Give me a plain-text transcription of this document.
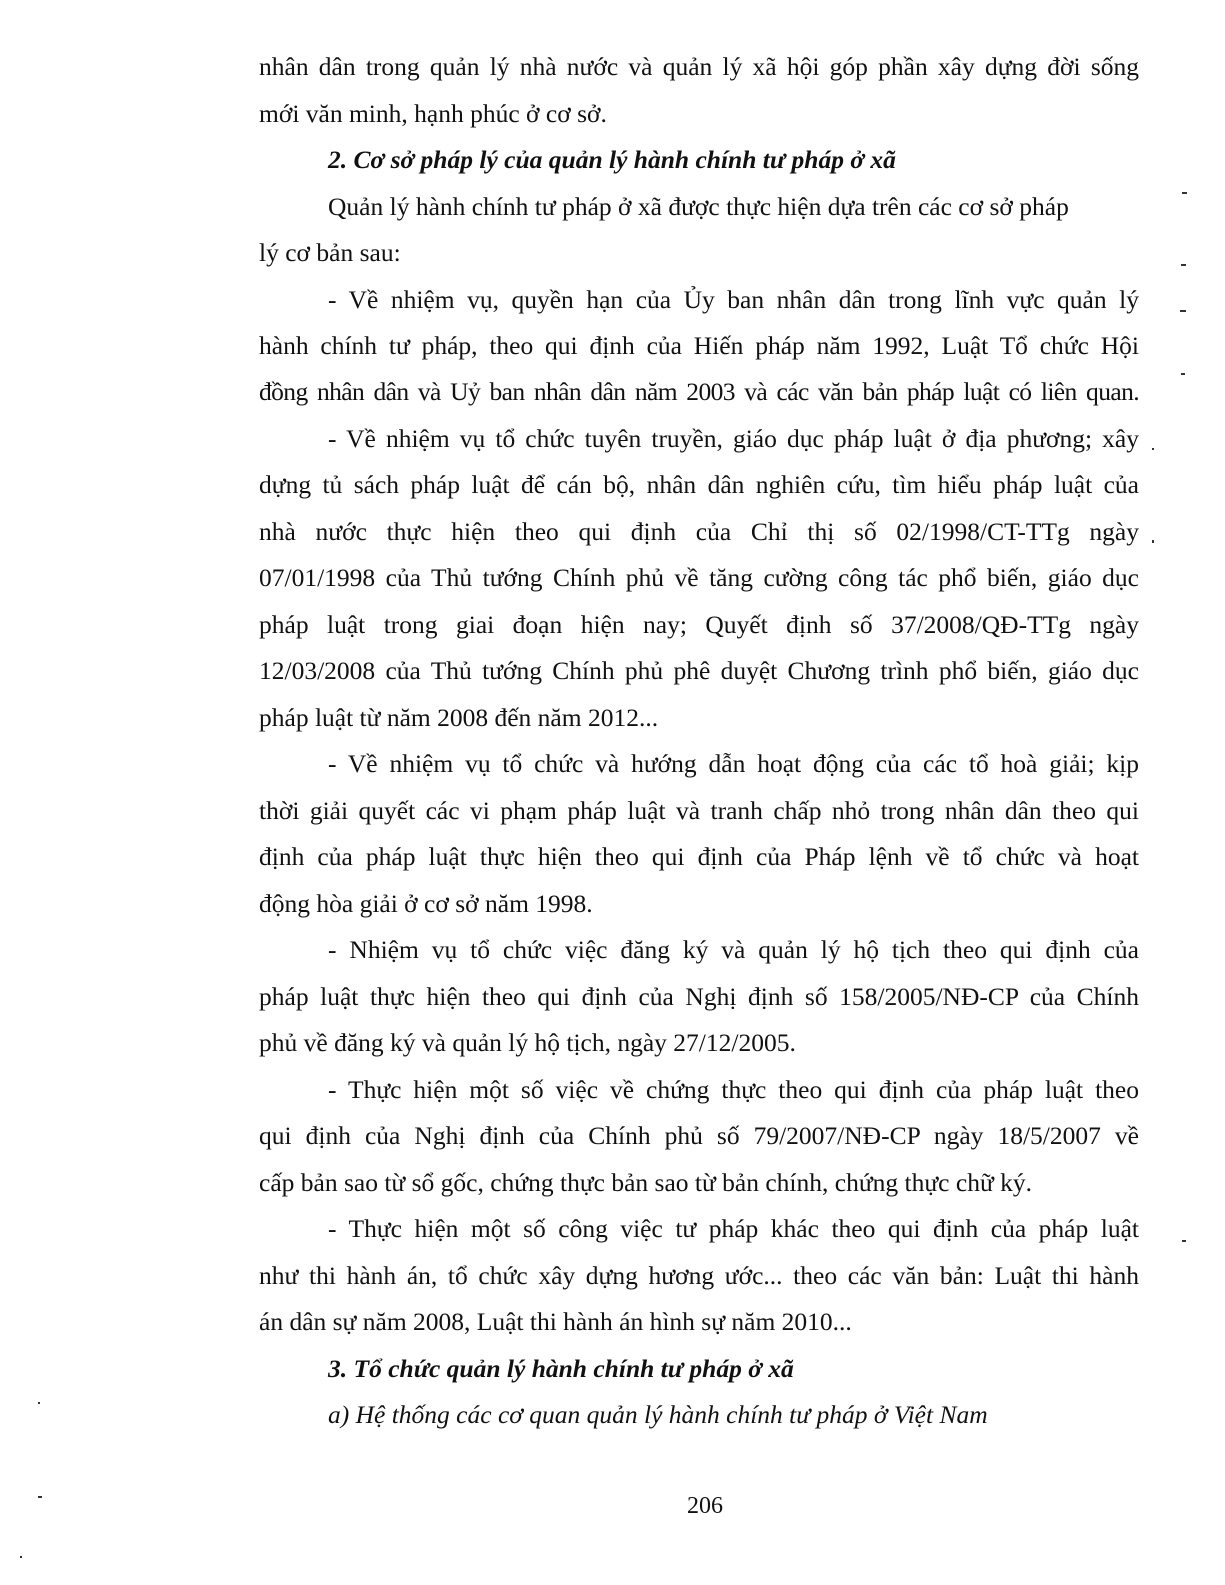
nhân dân trong quản lý nhà nước và quản lý xã hội góp phần xây dựng đời sống
mới văn minh, hạnh phúc ở cơ sở.
2. Cơ sở pháp lý của quản lý hành chính tư pháp ở xã
Quản lý hành chính tư pháp ở xã được thực hiện dựa trên các cơ sở pháp
lý cơ bản sau:
- Về nhiệm vụ, quyền hạn của Ủy ban nhân dân trong lĩnh vực quản lý
hành chính tư pháp, theo qui định của Hiến pháp năm 1992, Luật Tổ chức Hội
đồng nhân dân và Uỷ ban nhân dân năm 2003 và các văn bản pháp luật có liên quan.
- Về nhiệm vụ tổ chức tuyên truyền, giáo dục pháp luật ở địa phương; xây
dựng tủ sách pháp luật để cán bộ, nhân dân nghiên cứu, tìm hiểu pháp luật của
nhà nước thực hiện theo qui định của Chỉ thị số 02/1998/CT-TTg ngày
07/01/1998 của Thủ tướng Chính phủ về tăng cường công tác phổ biến, giáo dục
pháp luật trong giai đoạn hiện nay; Quyết định số 37/2008/QĐ-TTg ngày
12/03/2008 của Thủ tướng Chính phủ phê duyệt Chương trình phổ biến, giáo dục
pháp luật từ năm 2008 đến năm 2012...
- Về nhiệm vụ tổ chức và hướng dẫn hoạt động của các tổ hoà giải; kịp
thời giải quyết các vi phạm pháp luật và tranh chấp nhỏ trong nhân dân theo qui
định của pháp luật thực hiện theo qui định của Pháp lệnh về tổ chức và hoạt
động hòa giải ở cơ sở năm 1998.
- Nhiệm vụ tổ chức việc đăng ký và quản lý hộ tịch theo qui định của
pháp luật thực hiện theo qui định của Nghị định số 158/2005/NĐ-CP của Chính
phủ về đăng ký và quản lý hộ tịch, ngày 27/12/2005.
- Thực hiện một số việc về chứng thực theo qui định của pháp luật theo
qui định của Nghị định của Chính phủ số 79/2007/NĐ-CP ngày 18/5/2007 về
cấp bản sao từ sổ gốc, chứng thực bản sao từ bản chính, chứng thực chữ ký.
- Thực hiện một số công việc tư pháp khác theo qui định của pháp luật
như thi hành án, tổ chức xây dựng hương ước... theo các văn bản: Luật thi hành
án dân sự năm 2008, Luật thi hành án hình sự năm 2010...
3. Tổ chức quản lý hành chính tư pháp ở xã
a) Hệ thống các cơ quan quản lý hành chính tư pháp ở Việt Nam
206
